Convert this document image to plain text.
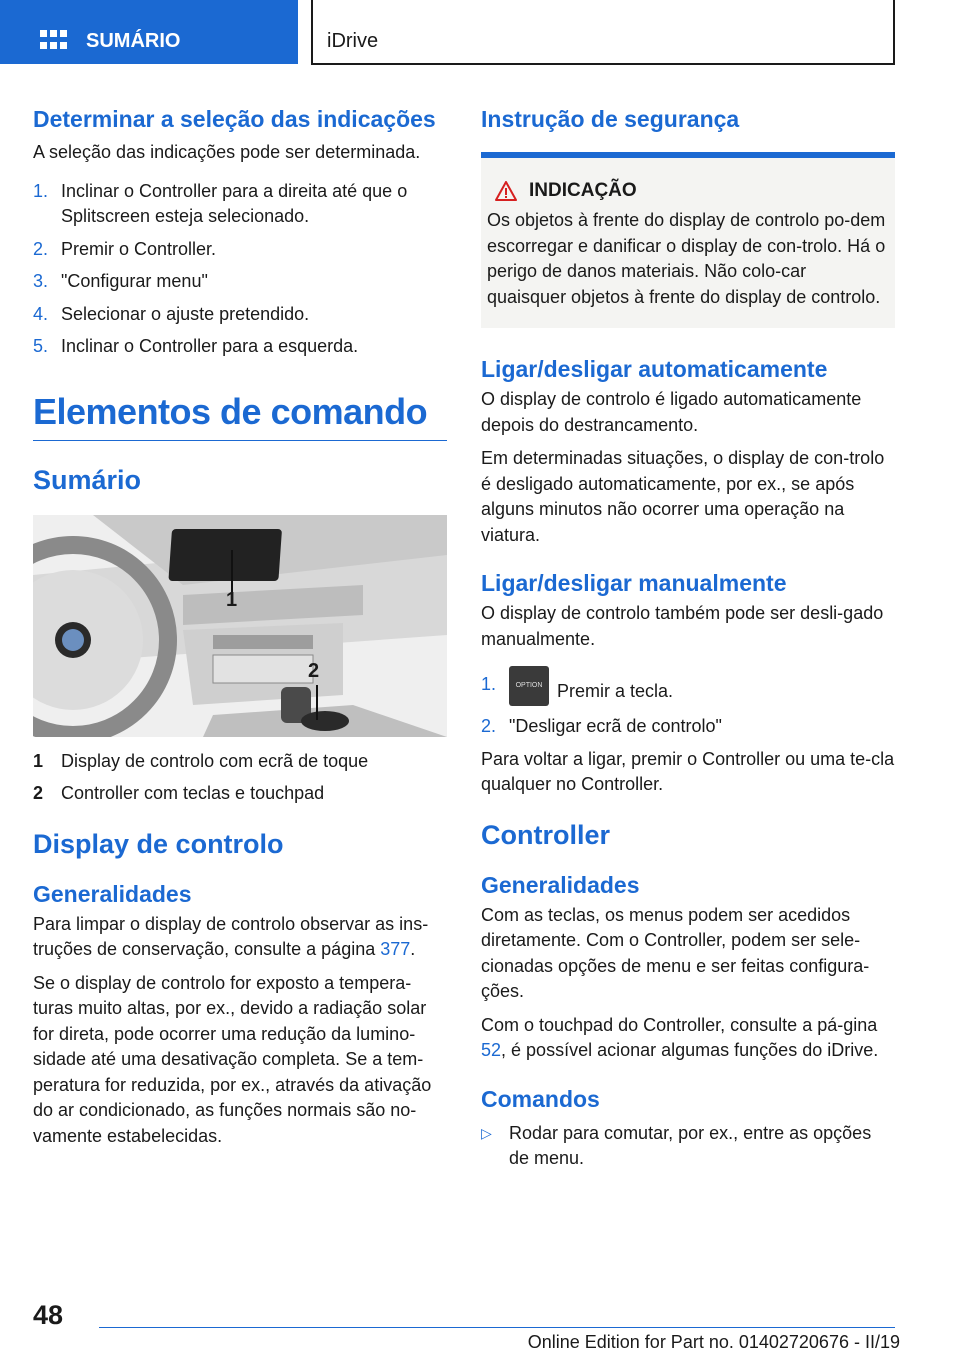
SUMÁRIO	iDrive
Determinar a seleção das indicações
A seleção das indicações pode ser determinada.
1. Inclinar o Controller para a direita até que o Splitscreen esteja selecionado.
2. Premir o Controller.
3. "Configurar menu"
4. Selecionar o ajuste pretendido.
5. Inclinar o Controller para a esquerda.
Elementos de comando
Sumário
1
2
1 Display de controlo com ecrã de toque
2 Controller com teclas e touchpad
Display de controlo
Generalidades
Para limpar o display de controlo observar as ins‐truções de conservação, consulte a página 377.
Se o display de controlo for exposto a tempera‐turas muito altas, por ex., devido a radiação solar for direta, pode ocorrer uma redução da lumino‐sidade até uma desativação completa. Se a tem‐peratura for reduzida, por ex., através da ativação do ar condicionado, as funções normais são no‐vamente estabelecidas.
Instrução de segurança
INDICAÇÃO
Os objetos à frente do display de controlo po‐dem escorregar e danificar o display de con‐trolo. Há o perigo de danos materiais. Não colo‐car quaisquer objetos à frente do display de controlo.
Ligar/desligar automaticamente
O display de controlo é ligado automaticamente depois do destrancamento.
Em determinadas situações, o display de con‐trolo é desligado automaticamente, por ex., se após alguns minutos não ocorrer uma operação na viatura.
Ligar/desligar manualmente
O display de controlo também pode ser desli‐gado manualmente.
1.	OPTION Premir a tecla.
2. "Desligar ecrã de controlo"
Para voltar a ligar, premir o Controller ou uma te‐cla qualquer no Controller.
Controller
Generalidades
Com as teclas, os menus podem ser acedidos diretamente. Com o Controller, podem ser sele‐cionadas opções de menu e ser feitas configura‐ções.
Com o touchpad do Controller, consulte a pá‐gina 52, é possível acionar algumas funções do iDrive.
Comandos
▷ Rodar para comutar, por ex., entre as opções de menu.
48
Online Edition for Part no. 01402720676 - II/19
